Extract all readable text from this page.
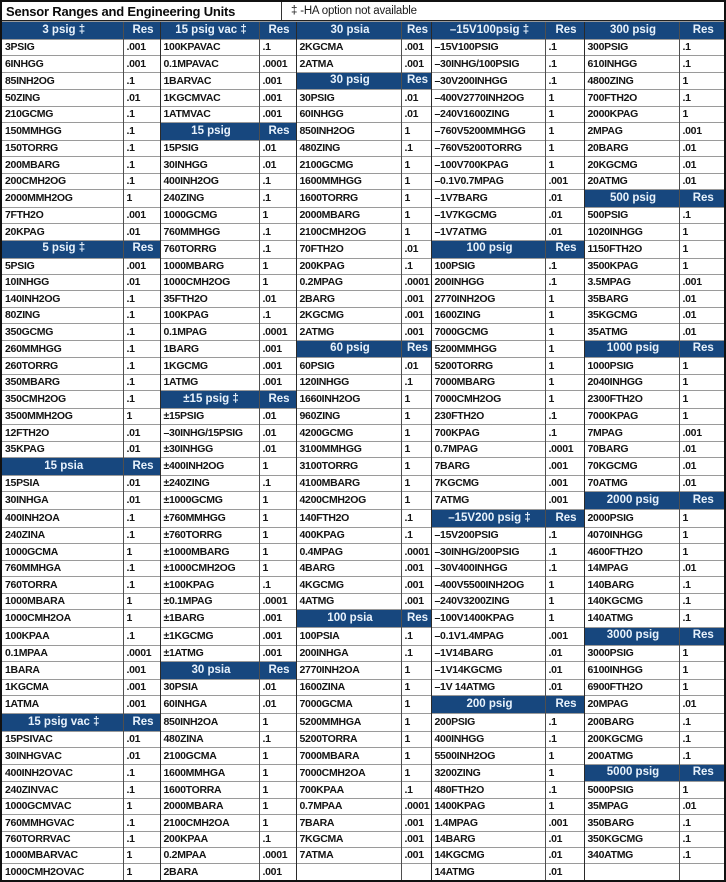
Sensor Ranges and Engineering Units	‡ -HA option not available
3 psig ‡	Res	15 psig vac ‡	Res	30 psia	Res	–15V100psig ‡	Res	300 psig	Res
3PSIG	.001	100KPAVAC	.1	2KGCMA	.001	–15V100PSIG	.1	300PSIG	.1
6INHGG	.001	0.1MPAVAC	.0001	2ATMA	.001	–30INHG/100PSIG	.1	610INHGG	.1
85INH2OG	.1	1BARVAC	.001	30 psig	Res	–30V200INHGG	.1	4800ZING	1
50ZING	.01	1KGCMVAC	.001	30PSIG	.01	–400V2770INH2OG	1	700FTH2O	.1
210GCMG	.1	1ATMVAC	.001	60INHGG	.01	–240V1600ZING	1	2000KPAG	1
150MMHGG	.1	15 psig	Res	850INH2OG	1	–760V5200MMHGG	1	2MPAG	.001
150TORRG	.1	15PSIG	.01	480ZING	.1	–760V5200TORRG	1	20BARG	.01
200MBARG	.1	30INHGG	.01	2100GCMG	1	–100V700KPAG	1	20KGCMG	.01
200CMH2OG	.1	400INH2OG	.1	1600MMHGG	1	–0.1V0.7MPAG	.001	20ATMG	.01
2000MMH2OG	1	240ZING	.1	1600TORRG	1	–1V7BARG	.01	500 psig	Res
7FTH2O	.001	1000GCMG	1	2000MBARG	1	–1V7KGCMG	.01	500PSIG	.1
20KPAG	.01	760MMHGG	.1	2100CMH2OG	1	–1V7ATMG	.01	1020INHGG	1
5 psig ‡	Res	760TORRG	.1	70FTH2O	.01	100 psig	Res	1150FTH2O	1
5PSIG	.001	1000MBARG	1	200KPAG	.1	100PSIG	.1	3500KPAG	1
10INHGG	.01	1000CMH2OG	1	0.2MPAG	.0001	200INHGG	.1	3.5MPAG	.001
140INH2OG	.1	35FTH2O	.01	2BARG	.001	2770INH2OG	1	35BARG	.01
80ZING	.1	100KPAG	.1	2KGCMG	.001	1600ZING	1	35KGCMG	.01
350GCMG	.1	0.1MPAG	.0001	2ATMG	.001	7000GCMG	1	35ATMG	.01
260MMHGG	.1	1BARG	.001	60 psig	Res	5200MMHGG	1	1000 psig	Res
260TORRG	.1	1KGCMG	.001	60PSIG	.01	5200TORRG	1	1000PSIG	1
350MBARG	.1	1ATMG	.001	120INHGG	.1	7000MBARG	1	2040INHGG	1
350CMH2OG	.1	±15 psig ‡	Res	1660INH2OG	1	7000CMH2OG	1	2300FTH2O	1
3500MMH2OG	1	±15PSIG	.01	960ZING	1	230FTH2O	.1	7000KPAG	1
12FTH2O	.01	–30INHG/15PSIG	.01	4200GCMG	1	700KPAG	.1	7MPAG	.001
35KPAG	.01	±30INHGG	.01	3100MMHGG	1	0.7MPAG	.0001	70BARG	.01
15 psia	Res	±400INH2OG	1	3100TORRG	1	7BARG	.001	70KGCMG	.01
15PSIA	.01	±240ZING	.1	4100MBARG	1	7KGCMG	.001	70ATMG	.01
30INHGA	.01	±1000GCMG	1	4200CMH2OG	1	7ATMG	.001	2000 psig	Res
400INH2OA	.1	±760MMHGG	1	140FTH2O	.1	–15V200 psig ‡	Res	2000PSIG	1
240ZINA	.1	±760TORRG	1	400KPAG	.1	–15V200PSIG	.1	4070INHGG	1
1000GCMA	1	±1000MBARG	1	0.4MPAG	.0001	–30INHG/200PSIG	.1	4600FTH2O	1
760MMHGA	.1	±1000CMH2OG	1	4BARG	.001	–30V400INHGG	.1	14MPAG	.01
760TORRA	.1	±100KPAG	.1	4KGCMG	.001	–400V5500INH2OG	1	140BARG	.1
1000MBARA	1	±0.1MPAG	.0001	4ATMG	.001	–240V3200ZING	1	140KGCMG	.1
1000CMH2OA	1	±1BARG	.001	100 psia	Res	–100V1400KPAG	1	140ATMG	.1
100KPAA	.1	±1KGCMG	.001	100PSIA	.1	–0.1V1.4MPAG	.001	3000 psig	Res
0.1MPAA	.0001	±1ATMG	.001	200INHGA	.1	–1V14BARG	.01	3000PSIG	1
1BARA	.001	30 psia	Res	2770INH2OA	1	–1V14KGCMG	.01	6100INHGG	1
1KGCMA	.001	30PSIA	.01	1600ZINA	1	–1V 14ATMG	.01	6900FTH2O	1
1ATMA	.001	60INHGA	.01	7000GCMA	1	200 psig	Res	20MPAG	.01
15 psig vac ‡	Res	850INH2OA	1	5200MMHGA	1	200PSIG	.1	200BARG	.1
15PSIVAC	.01	480ZINA	.1	5200TORRA	1	400INHGG	.1	200KGCMG	.1
30INHGVAC	.01	2100GCMA	1	7000MBARA	1	5500INH2OG	1	200ATMG	.1
400INH2OVAC	.1	1600MMHGA	1	7000CMH2OA	1	3200ZING	1	5000 psig	Res
240ZINVAC	.1	1600TORRA	1	700KPAA	.1	480FTH2O	.1	5000PSIG	1
1000GCMVAC	1	2000MBARA	1	0.7MPAA	.0001	1400KPAG	1	35MPAG	.01
760MMHGVAC	.1	2100CMH2OA	1	7BARA	.001	1.4MPAG	.001	350BARG	.1
760TORRVAC	.1	200KPAA	.1	7KGCMA	.001	14BARG	.01	350KGCMG	.1
1000MBARVAC	1	0.2MPAA	.0001	7ATMA	.001	14KGCMG	.01	340ATMG	.1
1000CMH2OVAC	1	2BARA	.001			14ATMG	.01		
